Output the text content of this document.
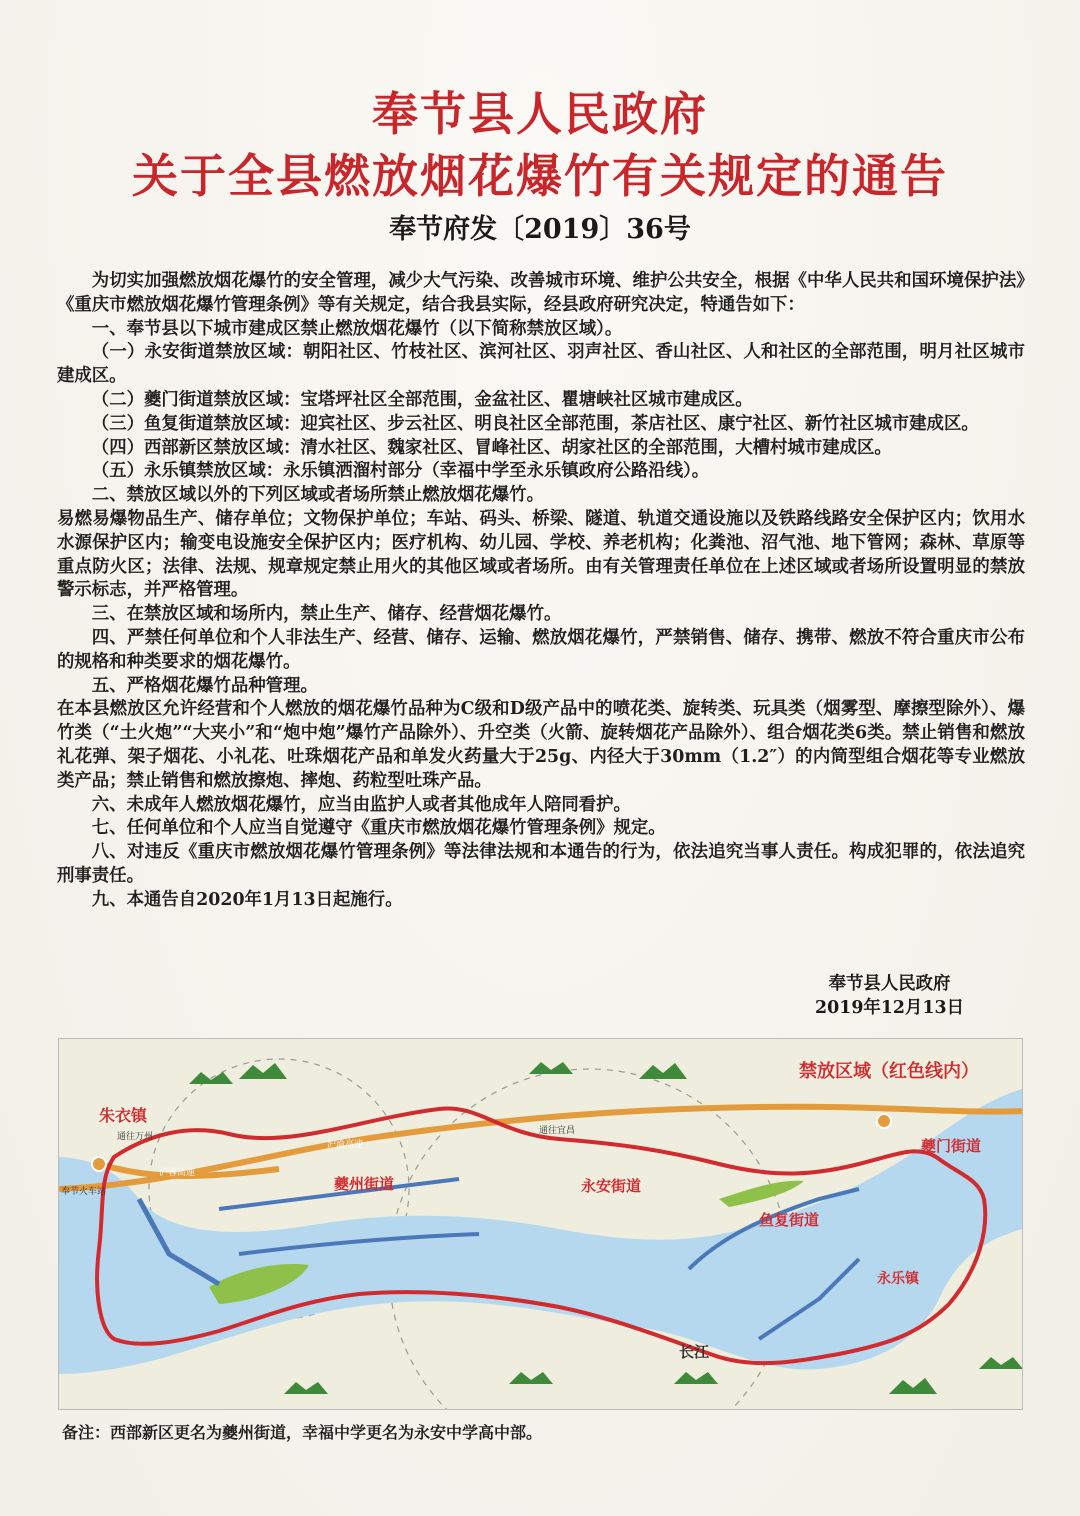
奉节县人民政府
关于全县燃放烟花爆竹有关规定的通告
奉节府发〔2019〕36号

为切实加强燃放烟花爆竹的安全管理，减少大气污染、改善城市环境、维护公共安全，根据《中华人民共和国环境保护法》《重庆市燃放烟花爆竹管理条例》等有关规定，结合我县实际，经县政府研究决定，特通告如下：

一、奉节县以下城市建成区禁止燃放烟花爆竹（以下简称禁放区域）。

（一）永安街道禁放区域：朝阳社区、竹枝社区、滨河社区、羽声社区、香山社区、人和社区的全部范围，明月社区城市建成区。

（二）夔门街道禁放区域：宝塔坪社区全部范围，金盆社区、瞿塘峡社区城市建成区。

（三）鱼复街道禁放区域：迎宾社区、步云社区、明良社区全部范围，茶店社区、康宁社区、新竹社区城市建成区。

（四）西部新区禁放区域：清水社区、魏家社区、冒峰社区、胡家社区的全部范围，大槽村城市建成区。

（五）永乐镇禁放区域：永乐镇洒溜村部分（幸福中学至永乐镇政府公路沿线）。

二、禁放区域以外的下列区域或者场所禁止燃放烟花爆竹。

易燃易爆物品生产、储存单位；文物保护单位；车站、码头、桥梁、隧道、轨道交通设施以及铁路线路安全保护区内；饮用水水源保护区内；输变电设施安全保护区内；医疗机构、幼儿园、学校、养老机构；化粪池、沼气池、地下管网；森林、草原等重点防火区；法律、法规、规章规定禁止用火的其他区域或者场所。由有关管理责任单位在上述区域或者场所设置明显的禁放警示标志，并严格管理。

三、在禁放区域和场所内，禁止生产、储存、经营烟花爆竹。

四、严禁任何单位和个人非法生产、经营、储存、运输、燃放烟花爆竹，严禁销售、储存、携带、燃放不符合重庆市公布的规格和种类要求的烟花爆竹。

五、严格烟花爆竹品种管理。

在本县燃放区允许经营和个人燃放的烟花爆竹品种为C级和D级产品中的喷花类、旋转类、玩具类（烟雾型、摩擦型除外）、爆竹类（“土火炮”“大夹小”和“炮中炮”爆竹产品除外）、升空类（火箭、旋转烟花产品除外）、组合烟花类6类。禁止销售和燃放礼花弹、架子烟花、小礼花、吐珠烟花产品和单发火药量大于25g、内径大于30mm（1.2″）的内筒型组合烟花等专业燃放类产品；禁止销售和燃放擦炮、摔炮、药粒型吐珠产品。

六、未成年人燃放烟花爆竹，应当由监护人或者其他成年人陪同看护。

七、任何单位和个人应当自觉遵守《重庆市燃放烟花爆竹管理条例》规定。

八、对违反《重庆市燃放烟花爆竹管理条例》等法律法规和本通告的行为，依法追究当事人责任。构成犯罪的，依法追究刑事责任。

九、本通告自2020年1月13日起施行。

奉节县人民政府
2019年12月13日
禁放区域（红色线内）
朱衣镇
夔门街道
夔州街道	永安街道
鱼复街道
永乐镇
长江
通往万州
沪蓉高速
沪渝高速
通往宜昌
奉节火车站
备注：西部新区更名为夔州街道，幸福中学更名为永安中学高中部。
